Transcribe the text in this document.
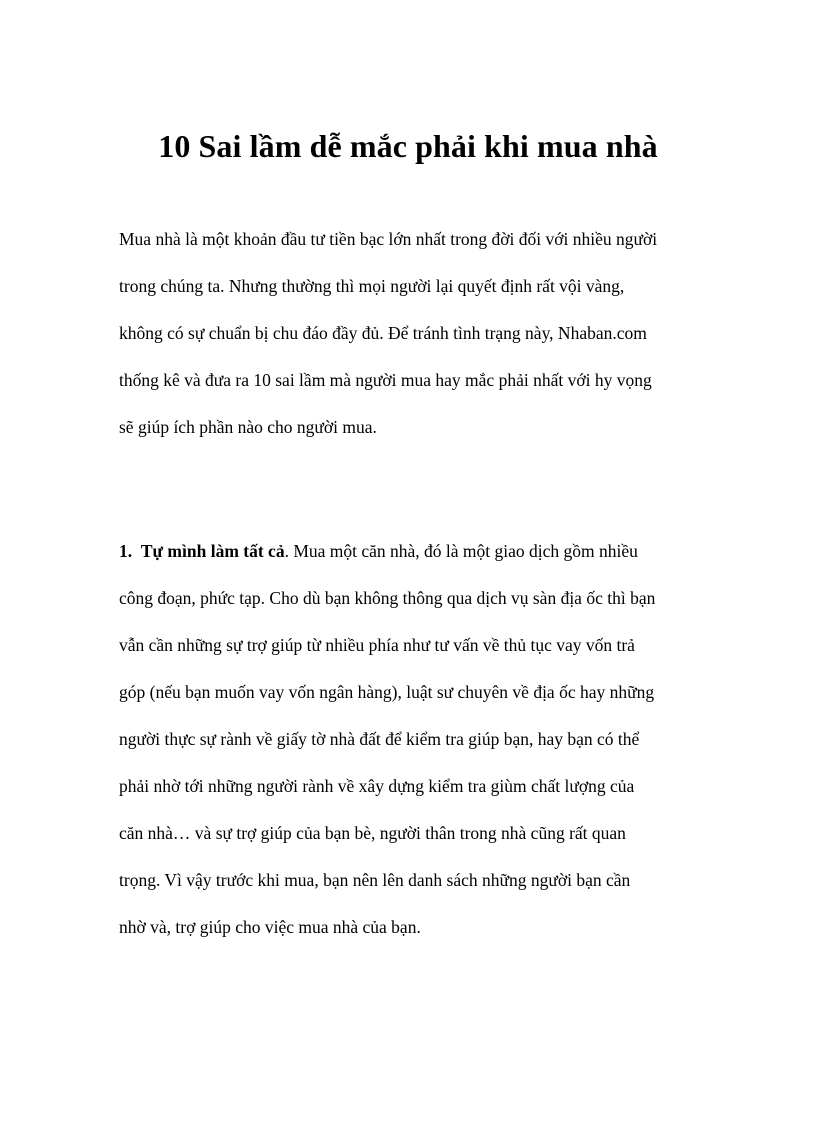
10 Sai lầm dễ mắc phải khi mua nhà

Mua nhà là một khoản đầu tư tiền bạc lớn nhất trong đời đối với nhiều người
trong chúng ta. Nhưng thường thì mọi người lại quyết định rất vội vàng,
không có sự chuẩn bị chu đáo đầy đủ. Để tránh tình trạng này, Nhaban.com
thống kê và đưa ra 10 sai lầm mà người mua hay mắc phải nhất với hy vọng
sẽ giúp ích phần nào cho người mua.

1. Tự mình làm tất cả. Mua một căn nhà, đó là một giao dịch gồm nhiều
công đoạn, phức tạp. Cho dù bạn không thông qua dịch vụ sàn địa ốc thì bạn
vẫn cần những sự trợ giúp từ nhiều phía như tư vấn về thủ tục vay vốn trả
góp (nếu bạn muốn vay vốn ngân hàng), luật sư chuyên về địa ốc hay những
người thực sự rành về giấy tờ nhà đất để kiểm tra giúp bạn, hay bạn có thể
phải nhờ tới những người rành về xây dựng kiểm tra giùm chất lượng của
căn nhà… và sự trợ giúp của bạn bè, người thân trong nhà cũng rất quan
trọng. Vì vậy trước khi mua, bạn nên lên danh sách những người bạn cần
nhờ và, trợ giúp cho việc mua nhà của bạn.
